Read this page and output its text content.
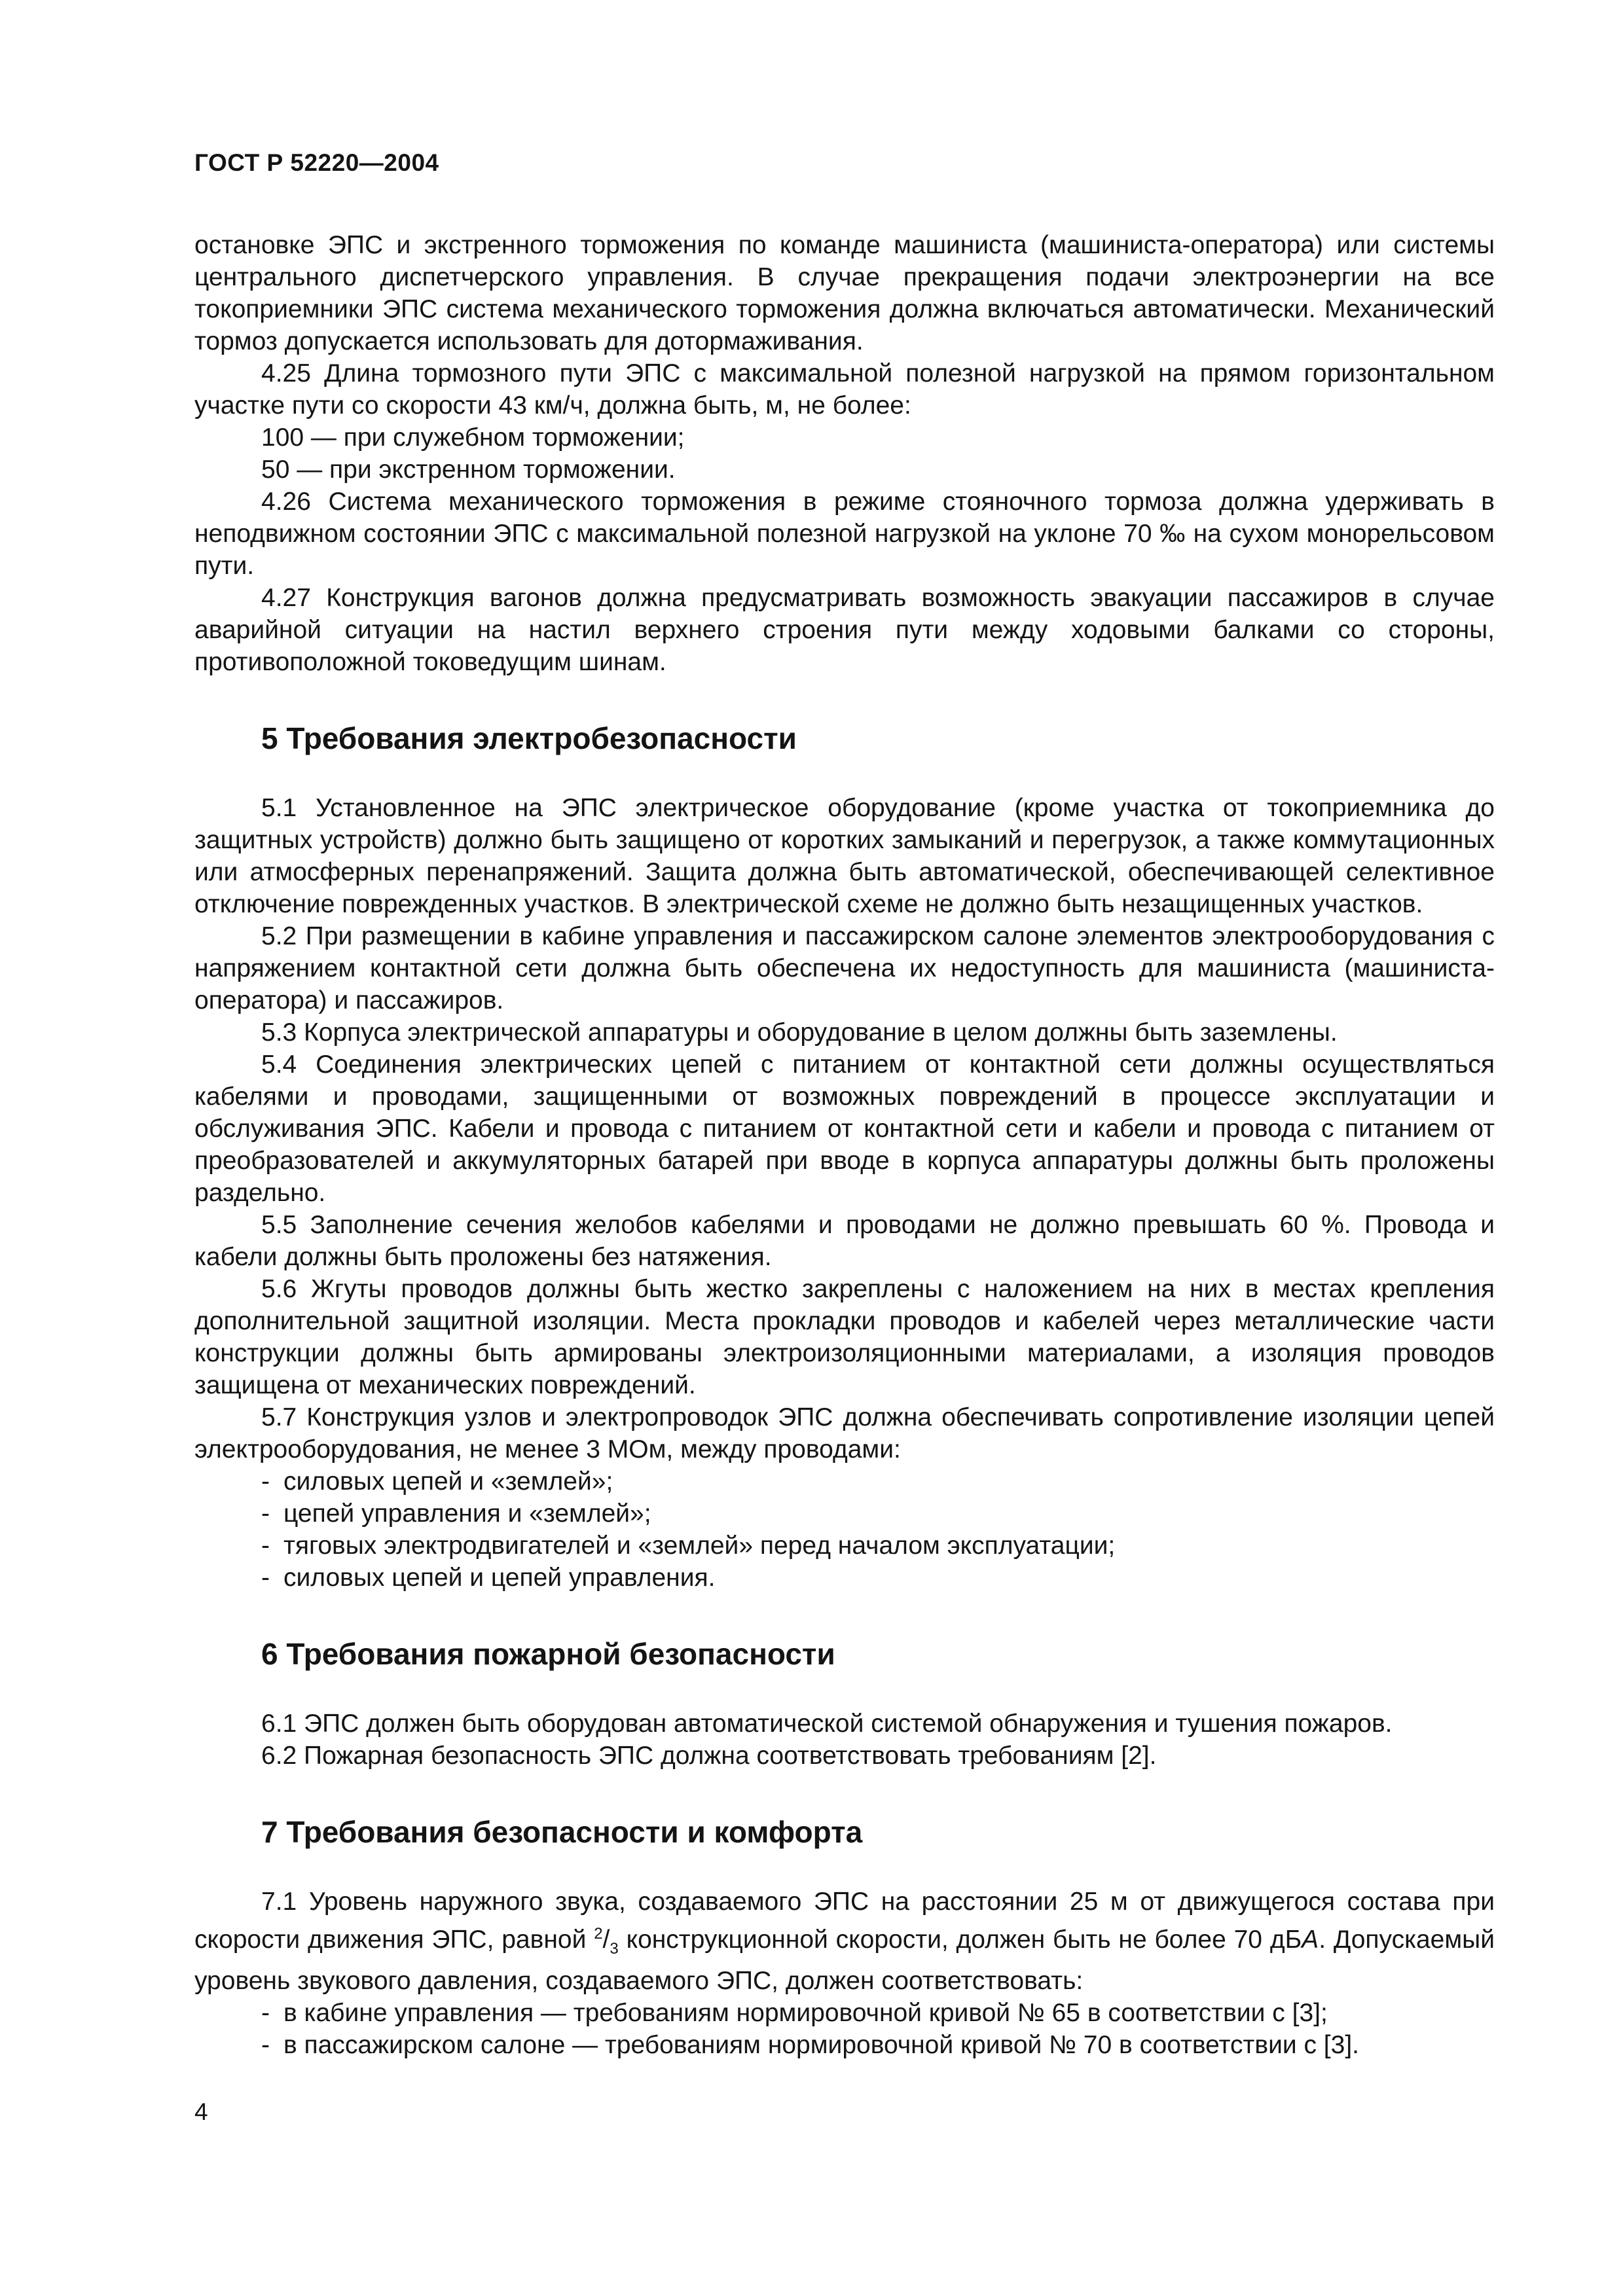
ГОСТ Р 52220—2004

остановке ЭПС и экстренного торможения по команде машиниста (машиниста-оператора) или системы центрального диспетчерского управления. В случае прекращения подачи электроэнергии на все токоприемники ЭПС система механического торможения должна включаться автоматически. Механический тормоз допускается использовать для дотормаживания.

4.25 Длина тормозного пути ЭПС с максимальной полезной нагрузкой на прямом горизонтальном участке пути со скорости 43 км/ч, должна быть, м, не более:

100 — при служебном торможении;

50 — при экстренном торможении.

4.26 Система механического торможения в режиме стояночного тормоза должна удерживать в неподвижном состоянии ЭПС с максимальной полезной нагрузкой на уклоне 70 ‰ на сухом монорельсовом пути.

4.27 Конструкция вагонов должна предусматривать возможность эвакуации пассажиров в случае аварийной ситуации на настил верхнего строения пути между ходовыми балками со стороны, противоположной токоведущим шинам.

5 Требования электробезопасности

5.1 Установленное на ЭПС электрическое оборудование (кроме участка от токоприемника до защитных устройств) должно быть защищено от коротких замыканий и перегрузок, а также коммутационных или атмосферных перенапряжений. Защита должна быть автоматической, обеспечивающей селективное отключение поврежденных участков. В электрической схеме не должно быть незащищенных участков.

5.2 При размещении в кабине управления и пассажирском салоне элементов электрооборудования с напряжением контактной сети должна быть обеспечена их недоступность для машиниста (машиниста-оператора) и пассажиров.

5.3 Корпуса электрической аппаратуры и оборудование в целом должны быть заземлены.

5.4 Соединения электрических цепей с питанием от контактной сети должны осуществляться кабелями и проводами, защищенными от возможных повреждений в процессе эксплуатации и обслуживания ЭПС. Кабели и провода с питанием от контактной сети и кабели и провода с питанием от преобразователей и аккумуляторных батарей при вводе в корпуса аппаратуры должны быть проложены раздельно.

5.5 Заполнение сечения желобов кабелями и проводами не должно превышать 60 %. Провода и кабели должны быть проложены без натяжения.

5.6 Жгуты проводов должны быть жестко закреплены с наложением на них в местах крепления дополнительной защитной изоляции. Места прокладки проводов и кабелей через металлические части конструкции должны быть армированы электроизоляционными материалами, а изоляция проводов защищена от механических повреждений.

5.7 Конструкция узлов и электропроводок ЭПС должна обеспечивать сопротивление изоляции цепей электрооборудования, не менее 3 МОм, между проводами:

- силовых цепей и «землей»;

- цепей управления и «землей»;

- тяговых электродвигателей и «землей» перед началом эксплуатации;

- силовых цепей и цепей управления.

6 Требования пожарной безопасности

6.1 ЭПС должен быть оборудован автоматической системой обнаружения и тушения пожаров.

6.2 Пожарная безопасность ЭПС должна соответствовать требованиям [2].

7 Требования безопасности и комфорта

7.1 Уровень наружного звука, создаваемого ЭПС на расстоянии 25 м от движущегося состава при скорости движения ЭПС, равной $^2/_3$ конструкционной скорости, должен быть не более 70 дБА. Допускаемый уровень звукового давления, создаваемого ЭПС, должен соответствовать:

- в кабине управления — требованиям нормировочной кривой № 65 в соответствии с [3];

- в пассажирском салоне — требованиям нормировочной кривой № 70 в соответствии с [3].

4
